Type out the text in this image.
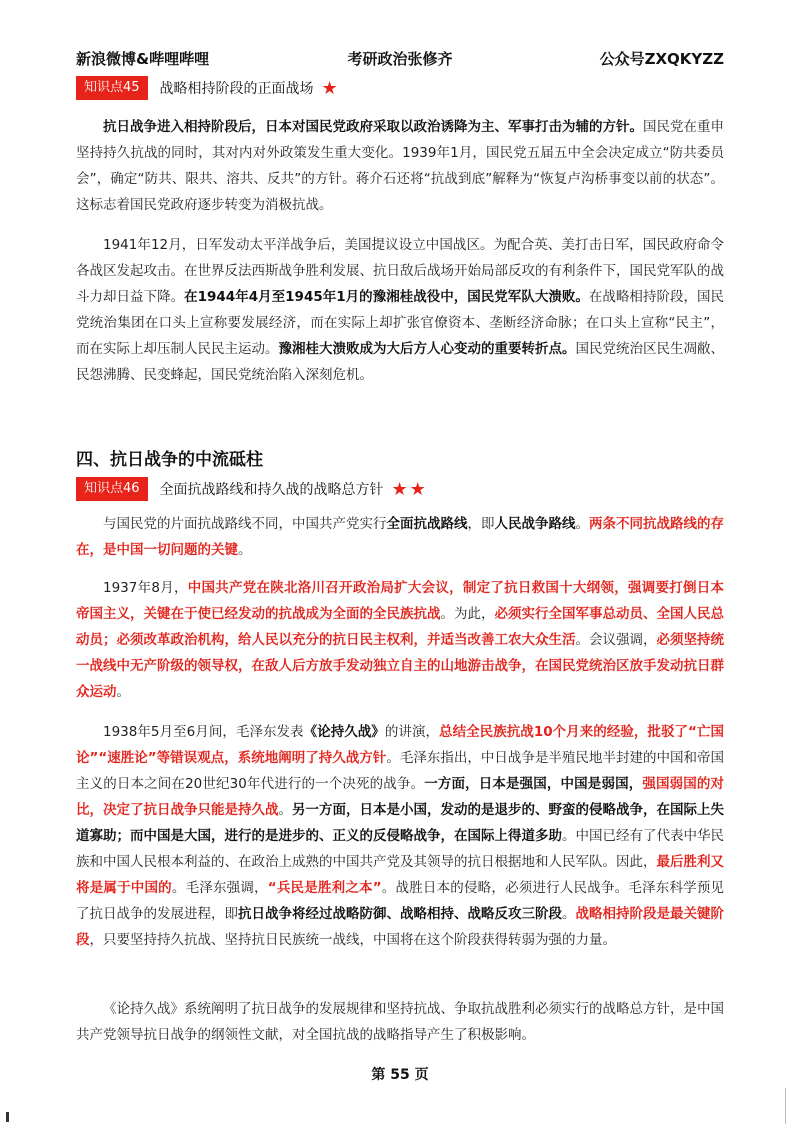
新浪微博&哔哩哔哩	考研政治张修齐	公众号ZXQKYZZ
知识点45	战略相持阶段的正面战场 ★

抗日战争进入相持阶段后，日本对国民党政府采取以政治诱降为主、军事打击为辅的方针。国民党在重申坚持持久抗战的同时，其对内对外政策发生重大变化。1939年1月，国民党五届五中全会决定成立“防共委员会”，确定“防共、限共、溶共、反共”的方针。蒋介石还将“抗战到底”解释为“恢复卢沟桥事变以前的状态”。这标志着国民党政府逐步转变为消极抗战。

1941年12月，日军发动太平洋战争后，美国提议设立中国战区。为配合英、美打击日军，国民政府命令各战区发起攻击。在世界反法西斯战争胜利发展、抗日敌后战场开始局部反攻的有利条件下，国民党军队的战斗力却日益下降。在1944年4月至1945年1月的豫湘桂战役中，国民党军队大溃败。在战略相持阶段，国民党统治集团在口头上宣称要发展经济，而在实际上却扩张官僚资本、垄断经济命脉；在口头上宣称“民主”，而在实际上却压制人民民主运动。豫湘桂大溃败成为大后方人心变动的重要转折点。国民党统治区民生凋敝、民怨沸腾、民变蜂起，国民党统治陷入深刻危机。

四、抗日战争的中流砥柱
知识点46	全面抗战路线和持久战的战略总方针 ★★

与国民党的片面抗战路线不同，中国共产党实行全面抗战路线，即人民战争路线。两条不同抗战路线的存在，是中国一切问题的关键。

1937年8月，中国共产党在陕北洛川召开政治局扩大会议，制定了抗日救国十大纲领，强调要打倒日本帝国主义，关键在于使已经发动的抗战成为全面的全民族抗战。为此，必须实行全国军事总动员、全国人民总动员；必须改革政治机构，给人民以充分的抗日民主权利，并适当改善工农大众生活。会议强调，必须坚持统一战线中无产阶级的领导权，在敌人后方放手发动独立自主的山地游击战争，在国民党统治区放手发动抗日群众运动。

1938年5月至6月间，毛泽东发表《论持久战》的讲演，总结全民族抗战10个月来的经验，批驳了“亡国论”“速胜论”等错误观点，系统地阐明了持久战方针。毛泽东指出，中日战争是半殖民地半封建的中国和帝国主义的日本之间在20世纪30年代进行的一个决死的战争。一方面，日本是强国，中国是弱国，强国弱国的对比，决定了抗日战争只能是持久战。另一方面，日本是小国，发动的是退步的、野蛮的侵略战争，在国际上失道寡助；而中国是大国，进行的是进步的、正义的反侵略战争，在国际上得道多助。中国已经有了代表中华民族和中国人民根本利益的、在政治上成熟的中国共产党及其领导的抗日根据地和人民军队。因此，最后胜利又将是属于中国的。毛泽东强调，“兵民是胜利之本”。战胜日本的侵略，必须进行人民战争。毛泽东科学预见了抗日战争的发展进程，即抗日战争将经过战略防御、战略相持、战略反攻三阶段。战略相持阶段是最关键阶段，只要坚持持久抗战、坚持抗日民族统一战线，中国将在这个阶段获得转弱为强的力量。

《论持久战》系统阐明了抗日战争的发展规律和坚持抗战、争取抗战胜利必须实行的战略总方针，是中国共产党领导抗日战争的纲领性文献，对全国抗战的战略指导产生了积极影响。

第 55 页
